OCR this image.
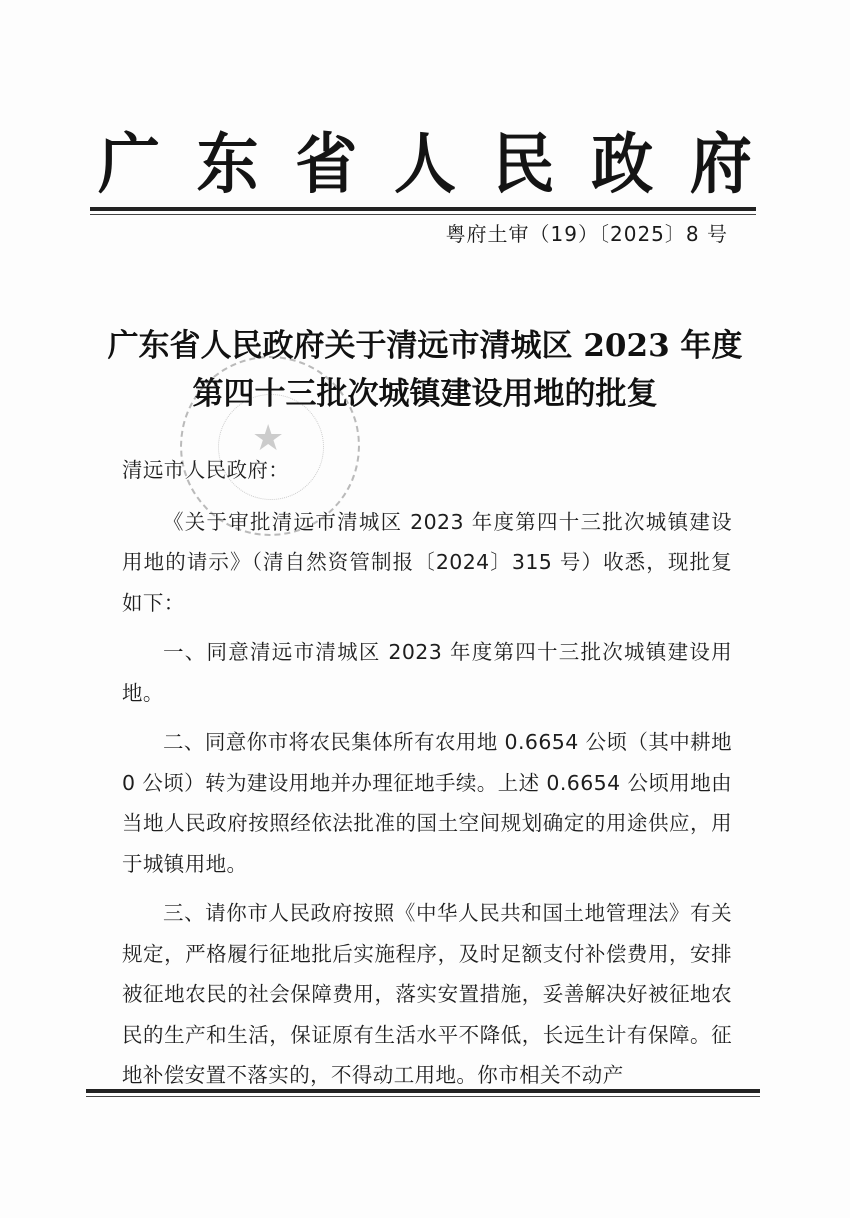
广 东 省 人 民 政 府
粤府土审（19）〔2025〕8 号
广东省人民政府关于清远市清城区 2023 年度
第四十三批次城镇建设用地的批复
★

清远市人民政府：

《关于审批清远市清城区 2023 年度第四十三批次城镇建设用地的请示》（清自然资管制报〔2024〕315 号）收悉，现批复如下：

一、同意清远市清城区 2023 年度第四十三批次城镇建设用地。

二、同意你市将农民集体所有农用地 0.6654 公顷（其中耕地 0 公顷）转为建设用地并办理征地手续。上述 0.6654 公顷用地由当地人民政府按照经依法批准的国土空间规划确定的用途供应，用于城镇用地。

三、请你市人民政府按照《中华人民共和国土地管理法》有关规定，严格履行征地批后实施程序，及时足额支付补偿费用，安排被征地农民的社会保障费用，落实安置措施，妥善解决好被征地农民的生产和生活，保证原有生活水平不降低，长远生计有保障。征地补偿安置不落实的，不得动工用地。你市相关不动产
